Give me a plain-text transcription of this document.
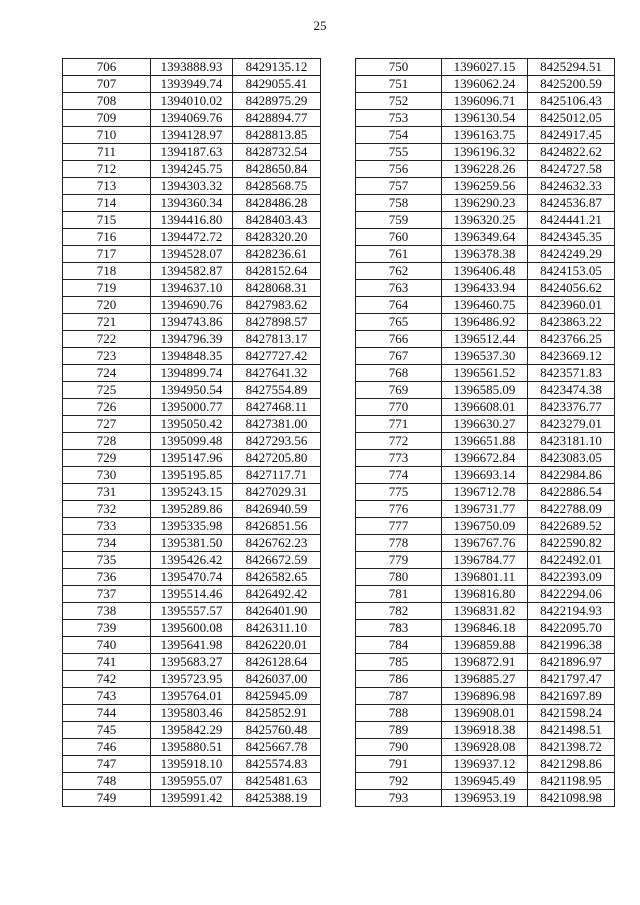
25
706	1393888.93	8429135.12
707	1393949.74	8429055.41
708	1394010.02	8428975.29
709	1394069.76	8428894.77
710	1394128.97	8428813.85
711	1394187.63	8428732.54
712	1394245.75	8428650.84
713	1394303.32	8428568.75
714	1394360.34	8428486.28
715	1394416.80	8428403.43
716	1394472.72	8428320.20
717	1394528.07	8428236.61
718	1394582.87	8428152.64
719	1394637.10	8428068.31
720	1394690.76	8427983.62
721	1394743.86	8427898.57
722	1394796.39	8427813.17
723	1394848.35	8427727.42
724	1394899.74	8427641.32
725	1394950.54	8427554.89
726	1395000.77	8427468.11
727	1395050.42	8427381.00
728	1395099.48	8427293.56
729	1395147.96	8427205.80
730	1395195.85	8427117.71
731	1395243.15	8427029.31
732	1395289.86	8426940.59
733	1395335.98	8426851.56
734	1395381.50	8426762.23
735	1395426.42	8426672.59
736	1395470.74	8426582.65
737	1395514.46	8426492.42
738	1395557.57	8426401.90
739	1395600.08	8426311.10
740	1395641.98	8426220.01
741	1395683.27	8426128.64
742	1395723.95	8426037.00
743	1395764.01	8425945.09
744	1395803.46	8425852.91
745	1395842.29	8425760.48
746	1395880.51	8425667.78
747	1395918.10	8425574.83
748	1395955.07	8425481.63
749	1395991.42	8425388.19
750	1396027.15	8425294.51
751	1396062.24	8425200.59
752	1396096.71	8425106.43
753	1396130.54	8425012.05
754	1396163.75	8424917.45
755	1396196.32	8424822.62
756	1396228.26	8424727.58
757	1396259.56	8424632.33
758	1396290.23	8424536.87
759	1396320.25	8424441.21
760	1396349.64	8424345.35
761	1396378.38	8424249.29
762	1396406.48	8424153.05
763	1396433.94	8424056.62
764	1396460.75	8423960.01
765	1396486.92	8423863.22
766	1396512.44	8423766.25
767	1396537.30	8423669.12
768	1396561.52	8423571.83
769	1396585.09	8423474.38
770	1396608.01	8423376.77
771	1396630.27	8423279.01
772	1396651.88	8423181.10
773	1396672.84	8423083.05
774	1396693.14	8422984.86
775	1396712.78	8422886.54
776	1396731.77	8422788.09
777	1396750.09	8422689.52
778	1396767.76	8422590.82
779	1396784.77	8422492.01
780	1396801.11	8422393.09
781	1396816.80	8422294.06
782	1396831.82	8422194.93
783	1396846.18	8422095.70
784	1396859.88	8421996.38
785	1396872.91	8421896.97
786	1396885.27	8421797.47
787	1396896.98	8421697.89
788	1396908.01	8421598.24
789	1396918.38	8421498.51
790	1396928.08	8421398.72
791	1396937.12	8421298.86
792	1396945.49	8421198.95
793	1396953.19	8421098.98
